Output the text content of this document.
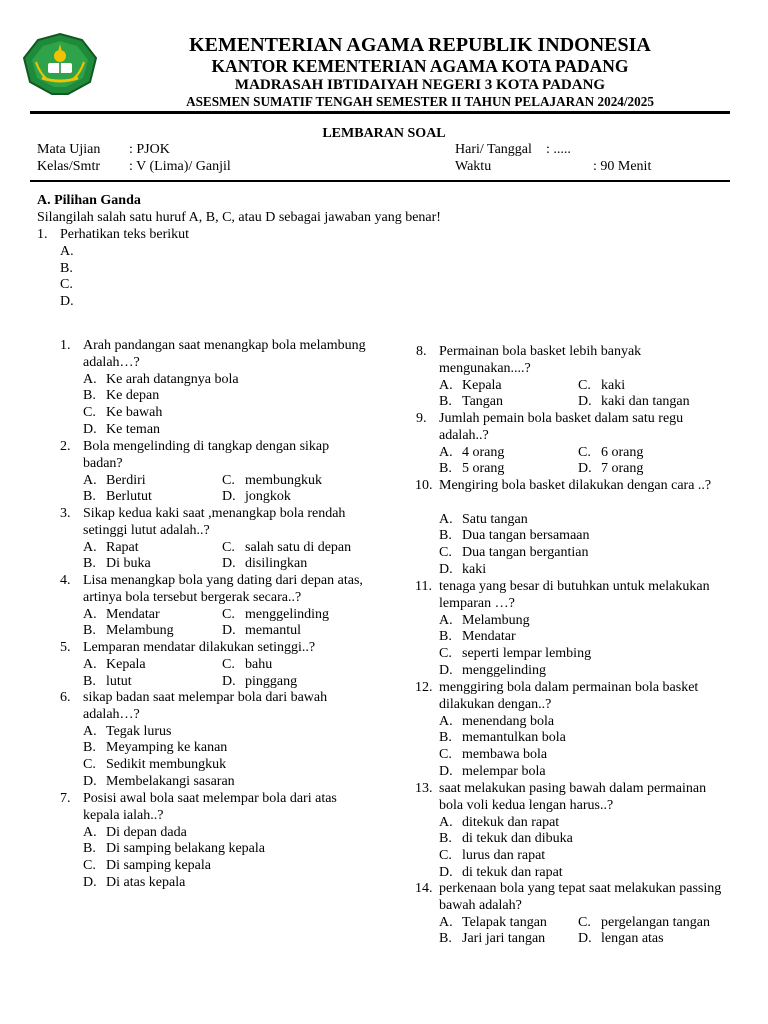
KEMENTERIAN AGAMA REPUBLIK INDONESIA
KANTOR KEMENTERIAN AGAMA KOTA PADANG
MADRASAH IBTIDAIYAH NEGERI 3 KOTA PADANG
ASESMEN SUMATIF TENGAH SEMESTER II TAHUN PELAJARAN 2024/2025
LEMBARAN SOAL
Mata Ujian : PJOK	Hari/ Tanggal : .....
Kelas/Smtr : V (Lima)/ Ganjil	Waktu	: 90 Menit
A. Pilihan Ganda
Silangilah salah satu huruf A, B, C, atau D sebagai jawaban yang benar!
1. Perhatikan teks berikut
A.
B.
C.
D.
1. Arah pandangan saat menangkap bola melambung adalah…?
A. Ke arah datangnya bola
B. Ke depan
C. Ke bawah
D. Ke teman
2. Bola mengelinding di tangkap dengan sikap badan?
A. Berdiri	C. membungkuk
B. Berlutut	D. jongkok
3. Sikap kedua kaki saat ,menangkap bola rendah setinggi lutut adalah..?
A. Rapat	C. salah satu di depan
B. Di buka	D. disilingkan
4. Lisa menangkap bola yang dating dari depan atas, artinya bola tersebut bergerak secara..?
A. Mendatar	C. menggelinding
B. Melambung	D. memantul
5. Lemparan mendatar dilakukan setinggi..?
A. Kepala	C. bahu
B. lutut	D. pinggang
6. sikap badan saat melempar bola dari bawah adalah…?
A. Tegak lurus
B. Meyamping ke kanan
C. Sedikit membungkuk
D. Membelakangi sasaran
7. Posisi awal bola saat melempar bola dari atas kepala ialah..?
A. Di depan dada
B. Di samping belakang kepala
C. Di samping kepala
D. Di atas kepala
8. Permainan bola basket lebih banyak mengunakan....?
A. Kepala	C. kaki
B. Tangan	D. kaki dan tangan
9. Jumlah pemain bola basket dalam satu regu adalah..?
A. 4 orang	C. 6 orang
B. 5 orang	D. 7 orang
10. Mengiring bola basket dilakukan dengan cara ..?
A. Satu tangan
B. Dua tangan bersamaan
C. Dua tangan bergantian
D. kaki
11. tenaga yang besar di butuhkan untuk melakukan lemparan …?
A. Melambung
B. Mendatar
C. seperti lempar lembing
D. menggelinding
12. menggiring bola dalam permainan bola basket dilakukan dengan..?
A. menendang bola
B. memantulkan bola
C. membawa bola
D. melempar bola
13. saat melakukan pasing bawah dalam permainan bola voli kedua lengan harus..?
A. ditekuk dan rapat
B. di tekuk dan dibuka
C. lurus dan rapat
D. di tekuk dan rapat
14. perkenaan bola yang tepat saat melakukan passing bawah adalah?
A. Telapak tangan C. pergelangan tangan
B. Jari jari tangan D. lengan atas
